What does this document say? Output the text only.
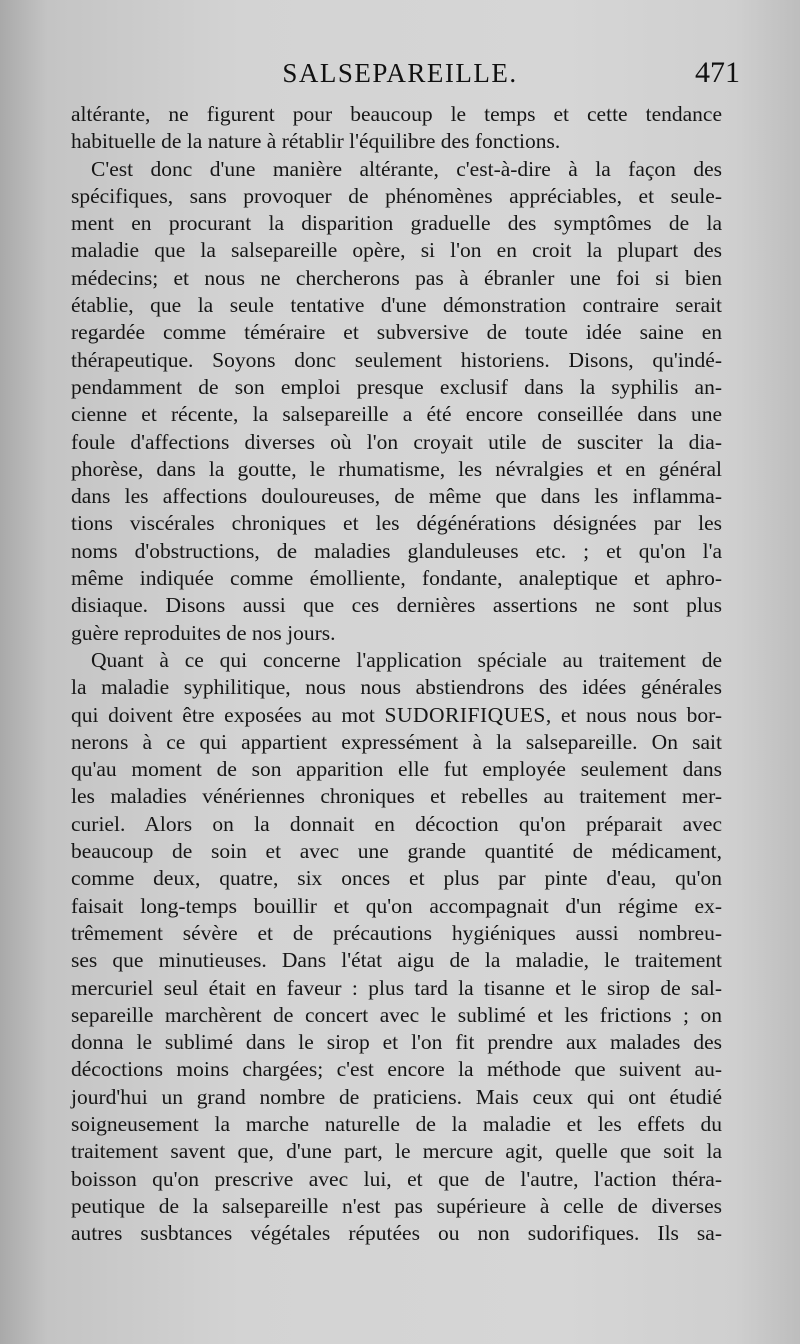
SALSEPAREILLE.	471
altérante, ne figurent pour beaucoup le temps et cette tendance
habituelle de la nature à rétablir l'équilibre des fonctions.
C'est donc d'une manière altérante, c'est-à-dire à la façon des
spécifiques, sans provoquer de phénomènes appréciables, et seule-
ment en procurant la disparition graduelle des symptômes de la
maladie que la salsepareille opère, si l'on en croit la plupart des
médecins; et nous ne chercherons pas à ébranler une foi si bien
établie, que la seule tentative d'une démonstration contraire serait
regardée comme téméraire et subversive de toute idée saine en
thérapeutique. Soyons donc seulement historiens. Disons, qu'indé-
pendamment de son emploi presque exclusif dans la syphilis an-
cienne et récente, la salsepareille a été encore conseillée dans une
foule d'affections diverses où l'on croyait utile de susciter la dia-
phorèse, dans la goutte, le rhumatisme, les névralgies et en général
dans les affections douloureuses, de même que dans les inflamma-
tions viscérales chroniques et les dégénérations désignées par les
noms d'obstructions, de maladies glanduleuses etc. ; et qu'on l'a
même indiquée comme émolliente, fondante, analeptique et aphro-
disiaque. Disons aussi que ces dernières assertions ne sont plus
guère reproduites de nos jours.
Quant à ce qui concerne l'application spéciale au traitement de
la maladie syphilitique, nous nous abstiendrons des idées générales
qui doivent être exposées au mot SUDORIFIQUES, et nous nous bor-
nerons à ce qui appartient expressément à la salsepareille. On sait
qu'au moment de son apparition elle fut employée seulement dans
les maladies vénériennes chroniques et rebelles au traitement mer-
curiel. Alors on la donnait en décoction qu'on préparait avec
beaucoup de soin et avec une grande quantité de médicament,
comme deux, quatre, six onces et plus par pinte d'eau, qu'on
faisait long-temps bouillir et qu'on accompagnait d'un régime ex-
trêmement sévère et de précautions hygiéniques aussi nombreu-
ses que minutieuses. Dans l'état aigu de la maladie, le traitement
mercuriel seul était en faveur : plus tard la tisanne et le sirop de sal-
separeille marchèrent de concert avec le sublimé et les frictions ; on
donna le sublimé dans le sirop et l'on fit prendre aux malades des
décoctions moins chargées; c'est encore la méthode que suivent au-
jourd'hui un grand nombre de praticiens. Mais ceux qui ont étudié
soigneusement la marche naturelle de la maladie et les effets du
traitement savent que, d'une part, le mercure agit, quelle que soit la
boisson qu'on prescrive avec lui, et que de l'autre, l'action théra-
peutique de la salsepareille n'est pas supérieure à celle de diverses
autres susbtances végétales réputées ou non sudorifiques. Ils sa-
